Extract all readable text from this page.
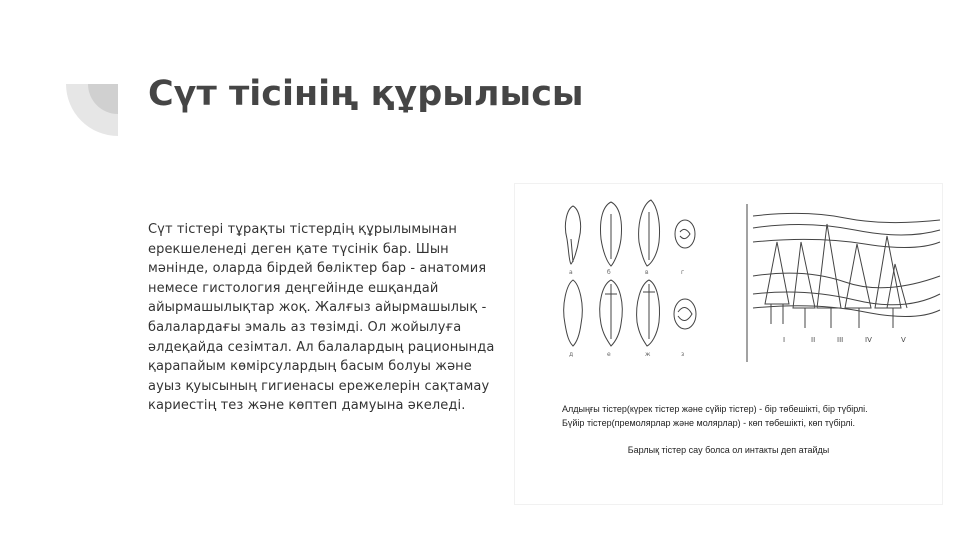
Сүт тісінің құрылысы

Сүт тістері тұрақты тістердің құрылымынан ерекшеленеді деген қате түсінік бар. Шын мәнінде, оларда бірдей бөліктер бар - анатомия немесе гистология деңгейінде ешқандай айырмашылықтар жоқ. Жалғыз айырмашылық - балалардағы эмаль аз төзімді. Ол жойылуға әлдеқайда сезімтал. Ал балалардың рационында қарапайым көмірсулардың басым болуы және ауыз қуысының гигиенасы ережелерін сақтамау кариестің тез және көптеп дамуына әкеледі.

a	б	в	г
д	е	ж	з
I	II	III	IV	V
Алдыңғы тістер(күрек тістер және сүйір тістер) - бір төбешікті, бір түбірлі.
Бүйір тістер(премолярлар және молярлар) - көп төбешікті, көп түбірлі.
Барлық тістер сау болса ол интакты деп атайды
